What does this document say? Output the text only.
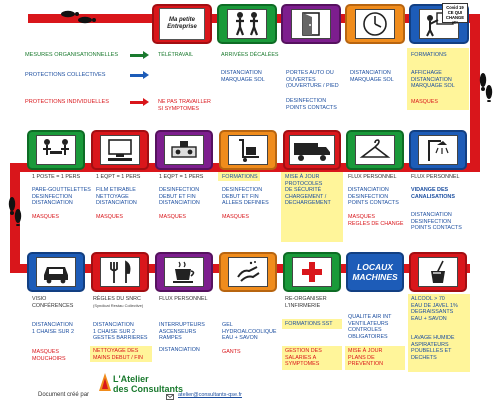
Ma petite
Entreprise
Covid 19
CE QUI
CHANGE ICI
MESURES ORGANISATIONNELLES
PROTECTIONS COLLECTIVES
PROTECTIONS INDIVIDUELLES
TÉLÉTRAVAIL
NE PAS TRAVAILLER
SI SYMPTOMES
ARRIVÉES DÉCALÉES
DISTANCIATION
MARQUAGE SOL
PORTES AUTO OU
OUVERTES
(OUVERTURE / PIED
DESINFECTION
POINTS CONTACTS
DISTANCIATION
MARQUAGE SOL
FORMATIONS
AFFICHAGE
DISTANCIATION
MARQUAGE SOL
MASQUES
1 POSTE = 1 PERS
PARE-GOUTTELETTES
DESINFECTION
DISTANCIATION
MASQUES
1 EQPT = 1 PERS
FILM ETIRABLE
NETTOYAGE
DISTANCIATION
MASQUES
1 EQPT = 1 PERS
DESINFECTION
DEBUT ET FIN
DISTANCIATION
MASQUES
FORMATIONS
DESINFECTION
DEBUT ET FIN
ALLEES DEFINIES
MASQUES
MISE À JOUR
PROTOCOLES
DE SÉCURITÉ
CHARGEMENT /
DECHARGEMENT
FLUX PERSONNEL
DISTANCIATION
DESINFECTION
POINTS CONTACTS
MASQUES
REGLES DE CHANGE
FLUX PERSONNEL
VIDANGE DES
CANALISATIONS
DISTANCIATION
DESINFECTION
POINTS CONTACTS
LOCAUX
MACHINES
VISIO
CONFÉRENCES
DISTANCIATION
1 CHAISE SUR 2
MASQUES
MOUCHOIRS
RÈGLES DU SNRC
(Syndicat Restau Collective)
DISTANCIATION
1 CHAISE SUR 2
GESTES BARRIERES
NETTOYAGE DES
MAINS DEBUT / FIN
FLUX PERSONNEL
INTERRUPTEURS
ASCENSEURS
RAMPES
DISTANCIATION
GEL
HYDROALCOOLIQUE
EAU + SAVON
GANTS
RE-ORGANISER
L'INFIRMERIE
FORMATIONS SST
GESTION DES
SALARIES A
SYMPTOMES
QUALITE AIR INT
VENTILATEURS
CONTROLES
OBLIGATOIRES
MISE À JOUR
PLANS DE
PREVENTION
ALCOOL > 70
EAU DE JAVEL 1%
DEGRAISSANTS
EAU + SAVON
LAVAGE HUMIDE
ASPIRATEURS
POUBELLES ET
DECHETS
Document créé par
L'Atelier
des Consultants
atelier@consultants-qse.fr
